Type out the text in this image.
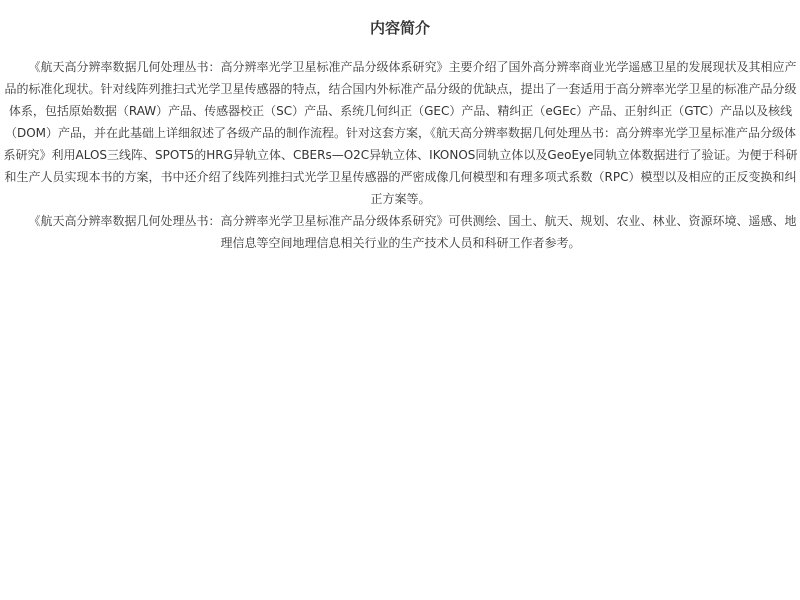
内容简介

《航天高分辨率数据几何处理丛书：高分辨率光学卫星标准产品分级体系研究》主要介绍了国外高分辨率商业光学遥感卫星的发展现状及其相应产品的标准化现状。针对线阵列推扫式光学卫星传感器的特点，结合国内外标准产品分级的优缺点，提出了一套适用于高分辨率光学卫星的标准产品分级体系，包括原始数据（RAW）产品、传感器校正（SC）产品、系统几何纠正（GEC）产品、精纠正（eGEc）产品、正射纠正（GTC）产品以及核线（DOM）产品，并在此基础上详细叙述了各级产品的制作流程。针对这套方案，《航天高分辨率数据几何处理丛书：高分辨率光学卫星标准产品分级体系研究》利用ALOS三线阵、SPOT5的HRG异轨立体、CBERs—O2C异轨立体、IKONOS同轨立体以及GeoEye同轨立体数据进行了验证。为便于科研和生产人员实现本书的方案，书中还介绍了线阵列推扫式光学卫星传感器的严密成像几何模型和有理多项式系数（RPC）模型以及相应的正反变换和纠正方案等。

《航天高分辨率数据几何处理丛书：高分辨率光学卫星标准产品分级体系研究》可供测绘、国土、航天、规划、农业、林业、资源环境、遥感、地理信息等空间地理信息相关行业的生产技术人员和科研工作者参考。
